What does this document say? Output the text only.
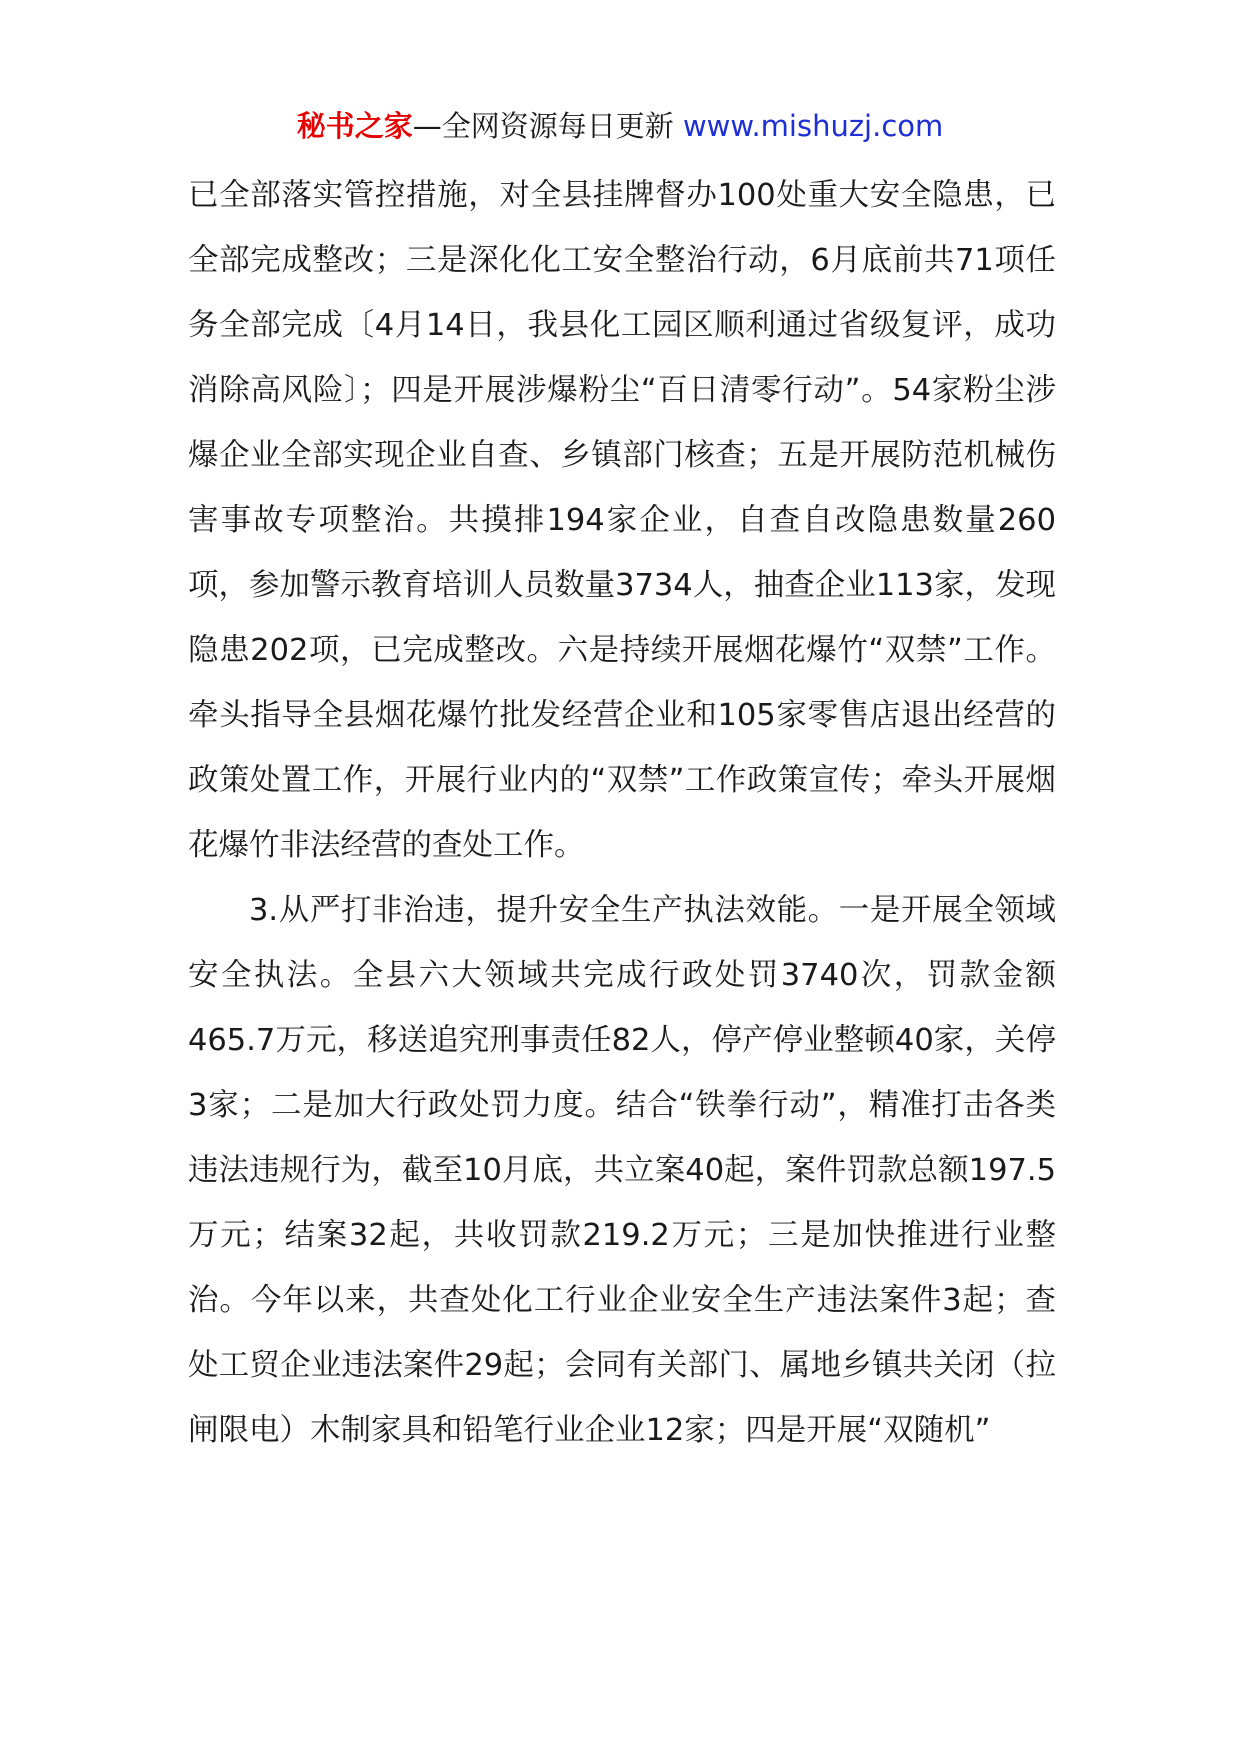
秘书之家—全网资源每日更新 www.mishuzj.com

已全部落实管控措施，对全县挂牌督办100处重大安全隐患，已全部完成整改；三是深化化工安全整治行动，6月底前共71项任务全部完成〔4月14日，我县化工园区顺利通过省级复评，成功消除高风险〕；四是开展涉爆粉尘“百日清零行动”。54家粉尘涉爆企业全部实现企业自查、乡镇部门核查；五是开展防范机械伤害事故专项整治。共摸排194家企业，自查自改隐患数量260项，参加警示教育培训人员数量3734人，抽查企业113家，发现隐患202项，已完成整改。六是持续开展烟花爆竹“双禁”工作。牵头指导全县烟花爆竹批发经营企业和105家零售店退出经营的政策处置工作，开展行业内的“双禁”工作政策宣传；牵头开展烟花爆竹非法经营的查处工作。

3.从严打非治违，提升安全生产执法效能。一是开展全领域安全执法。全县六大领域共完成行政处罚3740次，罚款金额465.7万元，移送追究刑事责任82人，停产停业整顿40家，关停3家；二是加大行政处罚力度。结合“铁拳行动”，精准打击各类违法违规行为，截至10月底，共立案40起，案件罚款总额197.5万元；结案32起，共收罚款219.2万元；三是加快推进行业整治。今年以来，共查处化工行业企业安全生产违法案件3起；查处工贸企业违法案件29起；会同有关部门、属地乡镇共关闭（拉闸限电）木制家具和铅笔行业企业12家；四是开展“双随机”
